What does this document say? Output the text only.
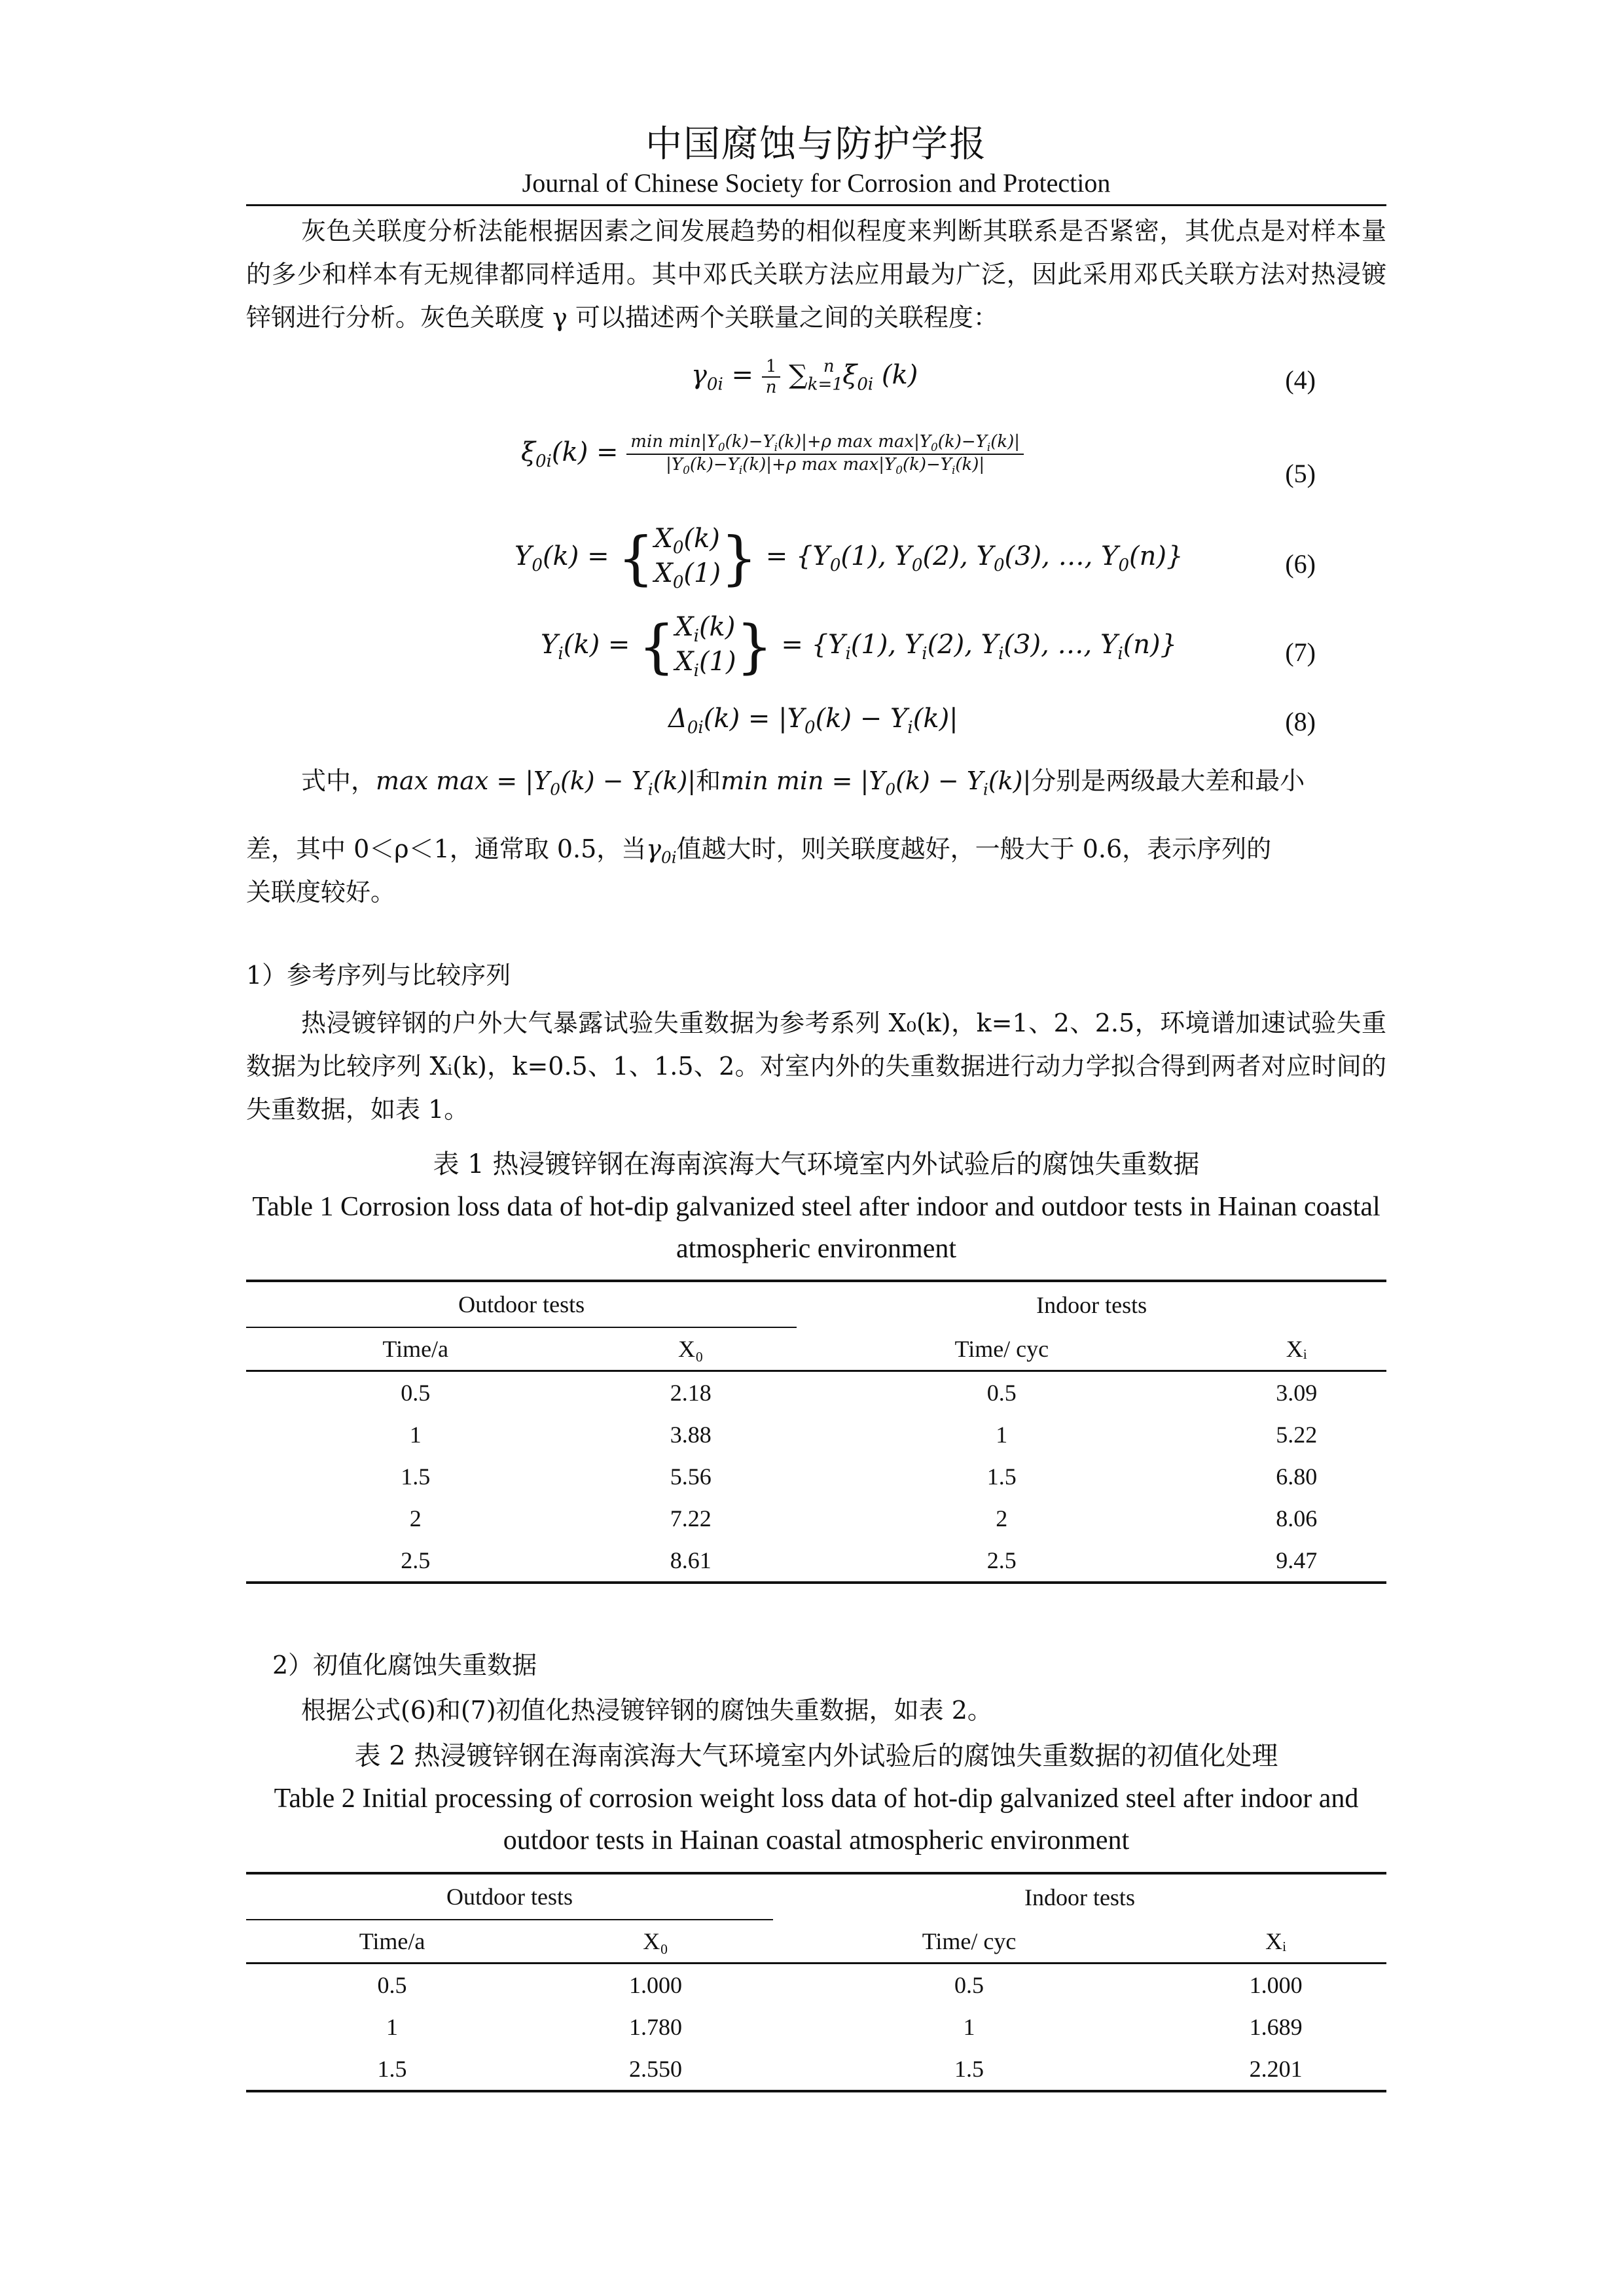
中国腐蚀与防护学报
Journal of Chinese Society for Corrosion and Protection
灰色关联度分析法能根据因素之间发展趋势的相似程度来判断其联系是否紧密，其优点是对样本量的多少和样本有无规律都同样适用。其中邓氏关联方法应用最为广泛，因此采用邓氏关联方法对热浸镀锌钢进行分析。灰色关联度 γ 可以描述两个关联量之间的关联程度：
$\gamma_{0i} = \frac{1}{n} \sum_{k=1}^n$ $\xi_{0i}$ (k)	(4)
$\xi_{0i}(k) = \frac{\min \min|Y_0(k)-Y_i(k)|+\rho \max \max|Y_0(k)-Y_i(k)|}{|Y_0(k)-Y_i(k)|+\rho \max \max|Y_0(k)-Y_i(k)|}$	(5)
$Y_0(k) = \{X_0(k)$
$X_0(1)\} = \{Y_0(1)$, $Y_0(2)$, $Y_0(3)$, …, $Y_0(n)$}	(6)
$Y_i(k) = \{X_i(k)$
$X_i(1)\} = \{Y_i(1)$, $Y_i(2)$, $Y_i(3)$, …, $Y_i(n)$}	(7)
$\Delta_{0i}(k) = |Y_0(k) - Y_i(k)|$	(8)
式中，$\max \max = |Y_0(k) - Y_i(k)|$和$\min \min = |Y_0(k) - Y_i(k)|$分别是两级最大差和最小
差，其中 0＜ρ＜1，通常取 0.5，当$\gamma_{0i}$值越大时，则关联度越好，一般大于 0.6，表示序列的
关联度较好。
1）参考序列与比较序列
热浸镀锌钢的户外大气暴露试验失重数据为参考系列 X₀(k)，k=1、2、2.5，环境谱加速试验失重数据为比较序列 Xᵢ(k)，k=0.5、1、1.5、2。对室内外的失重数据进行动力学拟合得到两者对应时间的失重数据，如表 1。
表 1 热浸镀锌钢在海南滨海大气环境室内外试验后的腐蚀失重数据
Table 1 Corrosion loss data of hot-dip galvanized steel after indoor and outdoor tests in Hainan coastal atmospheric environment
Outdoor tests		Indoor tests	
Time/a	X₀	Time/ cyc	Xᵢ
0.5	2.18	0.5	3.09
1	3.88	1	5.22
1.5	5.56	1.5	6.80
2	7.22	2	8.06
2.5	8.61	2.5	9.47
2）初值化腐蚀失重数据
根据公式(6)和(7)初值化热浸镀锌钢的腐蚀失重数据，如表 2。
表 2 热浸镀锌钢在海南滨海大气环境室内外试验后的腐蚀失重数据的初值化处理
Table 2 Initial processing of corrosion weight loss data of hot-dip galvanized steel after indoor and outdoor tests in Hainan coastal atmospheric environment
Outdoor tests		Indoor tests	
Time/a	X₀	Time/ cyc	Xᵢ
0.5	1.000	0.5	1.000
1	1.780	1	1.689
1.5	2.550	1.5	2.201
